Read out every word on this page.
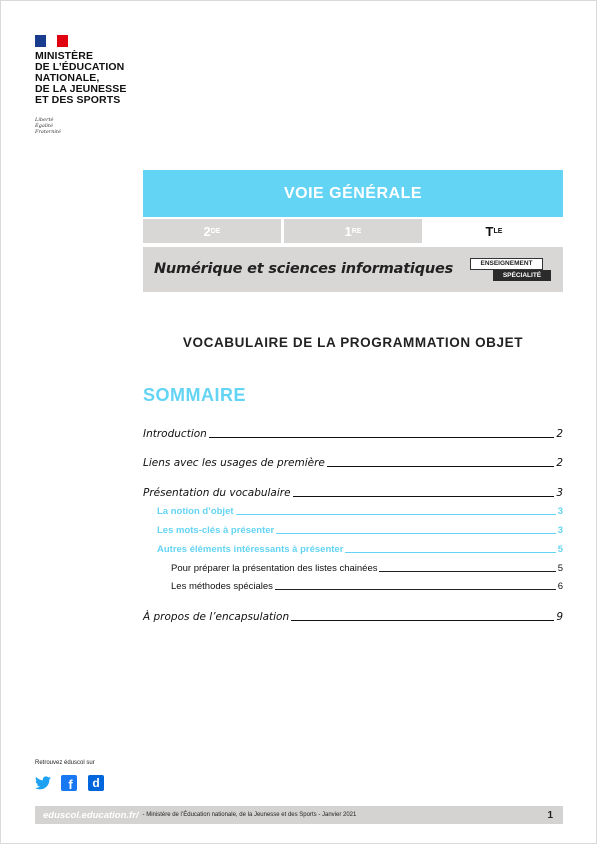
MINISTÈRE
DE L’ÉDUCATION
NATIONALE,
DE LA JEUNESSE
ET DES SPORTS
Liberté
Égalité
Fraternité
VOIE GÉNÉRALE
2 DE	1 RE	T LE
Numérique et sciences informatiques	ENSEIGNEMENT
SPÉCIALITÉ
VOCABULAIRE DE LA PROGRAMMATION OBJET
SOMMAIRE
Introduction	2
Liens avec les usages de première	2
Présentation du vocabulaire	3
La notion d’objet	3
Les mots-clés à présenter	3
Autres éléments intéressants à présenter	5
Pour préparer la présentation des listes chainées	5
Les méthodes spéciales	6
À propos de l’encapsulation	9
Retrouvez éduscol sur
f d
eduscol.education.fr/ - Ministère de l’Éducation nationale, de la Jeunesse et des Sports - Janvier 2021	1
